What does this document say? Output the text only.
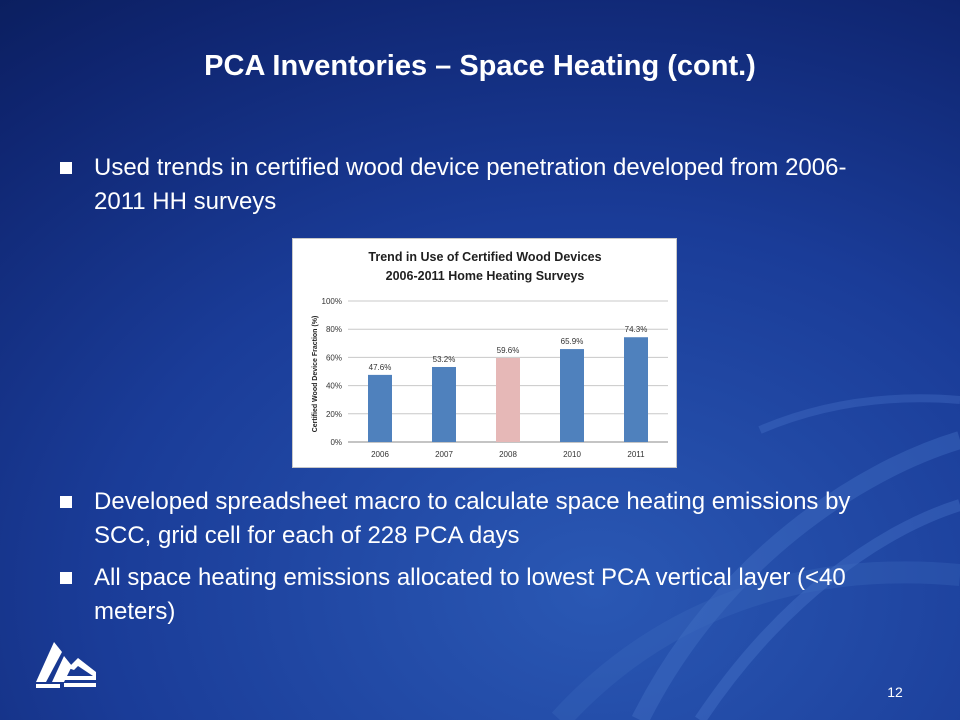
PCA Inventories – Space Heating (cont.)
Used trends in certified wood device penetration developed from 2006-2011 HH surveys
Developed spreadsheet macro to calculate space heating emissions by SCC, grid cell for each of 228 PCA days
All space heating emissions allocated to lowest PCA vertical layer (<40 meters)
Trend in Use of Certified Wood Devices
2006-2011 Home Heating Surveys
Certified Wood Device Fraction (%)
0%
20%
40%
60%
80%
100%
47.6%
53.2%
59.6%
65.9%
74.3%
2006	2007	2008	2010	2011
12
